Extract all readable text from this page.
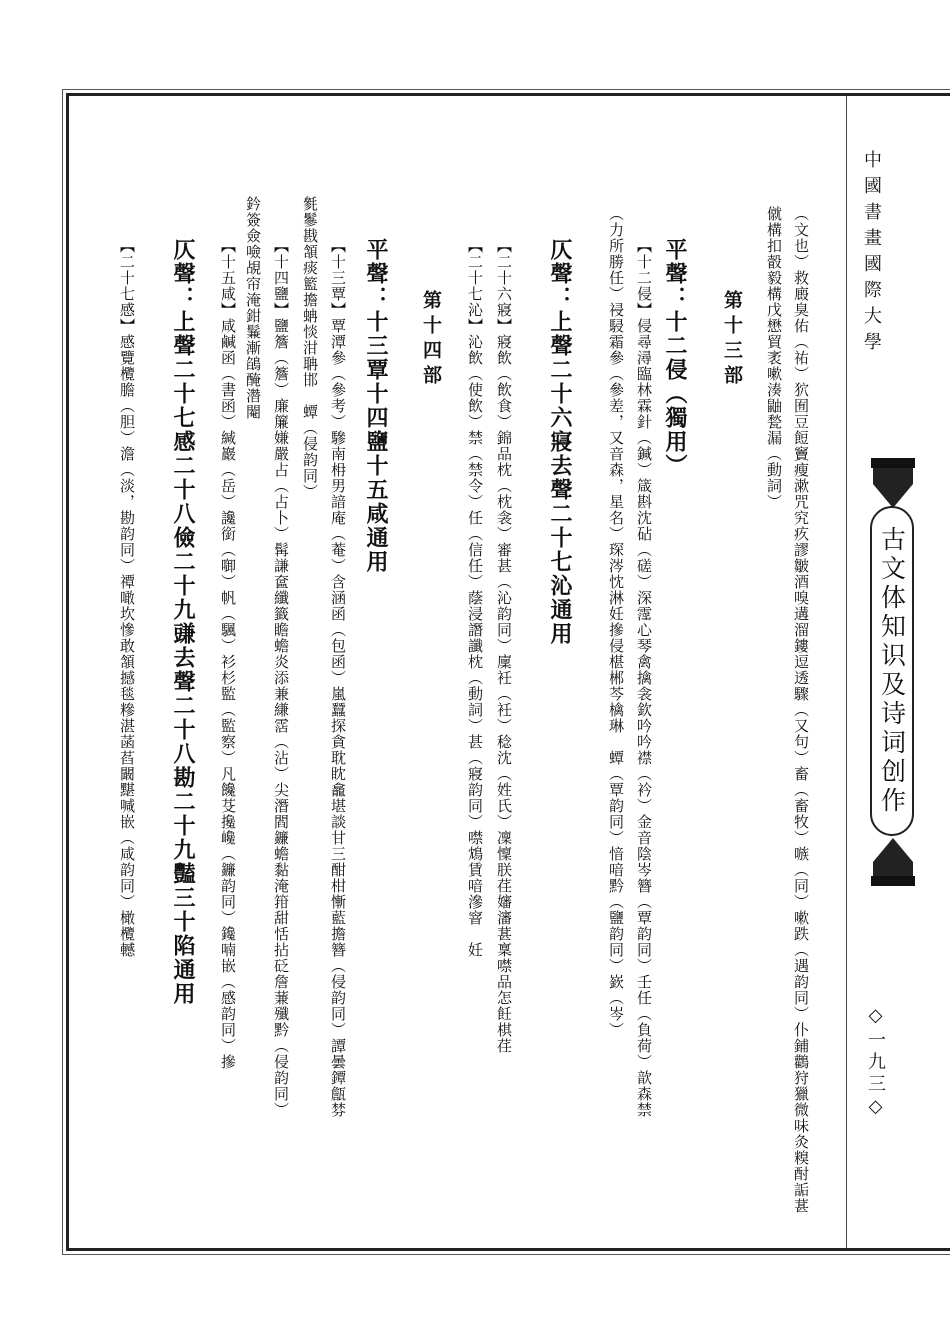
中國書畫國際大學
古文体知识及诗词创作
◇一九三◇
（文也）救廄臭佑（祐）狖囿豆餖竇瘦漱咒究疚謬皺酒嗅遘溜鏤逗透驟（又句）畜（畜牧）嗾（同）嗽跌（遇韵同）仆鋪鸛狩獵微味灸糗酎詬葚
僦構扣瞉毅構戊懋貿袤嗽湊鼬甃漏（動詞）
第十三部
平聲：十二侵（獨用）
【十二侵】侵尋潯臨林霖針（鍼）箴斟沈砧（磋）深霪心琴禽擒衾欽吟吟襟（衿）金音陰岑簪（覃韵同）壬任（負荷）歆森禁
（力所勝任）祲駸霜參（參差，又音森，星名）琛涔忱淋妊摻侵椹郴芩檎琳　蟫（覃韵同）愔喑黔（鹽韵同）嶔（岑）
仄聲：上聲二十六寢去聲二十七沁通用
【二十六寢】寢飲（飲食）錦品枕（枕衾）審甚（沁韵同）廩衽（衽）稔沈（姓氏）凜懍朕荏嬸瀋葚稟噤品怎飪棋荏
【二十七沁】沁飲（使飲）禁（禁令）任（信任）蔭浸譖讖枕（動詞）甚（寢韵同）噤鴆賃喑滲窨　妊
第十四部
平聲：十三覃十四鹽十五咸通用
【十三覃】覃潭參（參考）驂南枏男諳庵（菴）含涵函（包函）嵐蠶探貪耽眈龕堪談甘三酣柑慚藍擔簪（侵韵同）譚曇鐔甔棼
毿鬖戡頷痰籃擔蚺惔泔聃邯　蟫（侵韵同）
【十四鹽】鹽簷（簷）廉簾嫌嚴占（占卜）髯謙奩纖籤瞻蟾炎添兼縑霑（沾）尖潛閻鐮蟾黏淹箝甜恬拈砭詹蒹殲黔（侵韵同）
鈐簽僉噞覘帘淹鉗鬑漸鵮醃濳閹
【十五咸】咸鹹函（書函）緘巖（岳）讒銜（啣）帆（颿）衫杉監（監察）凡饞芟攙巉（鐮韵同）鑱喃嵌（感韵同）摻
仄聲：上聲二十七感二十八儉二十九豏去聲二十八勘二十九豔三十陷通用
【二十七感】感覽欖膽（胆）澹（淡，勘韵同）禫噉坎慘敢頷撼毯糝湛菡萏闞黮喊嵌（咸韵同）橄欖轗
